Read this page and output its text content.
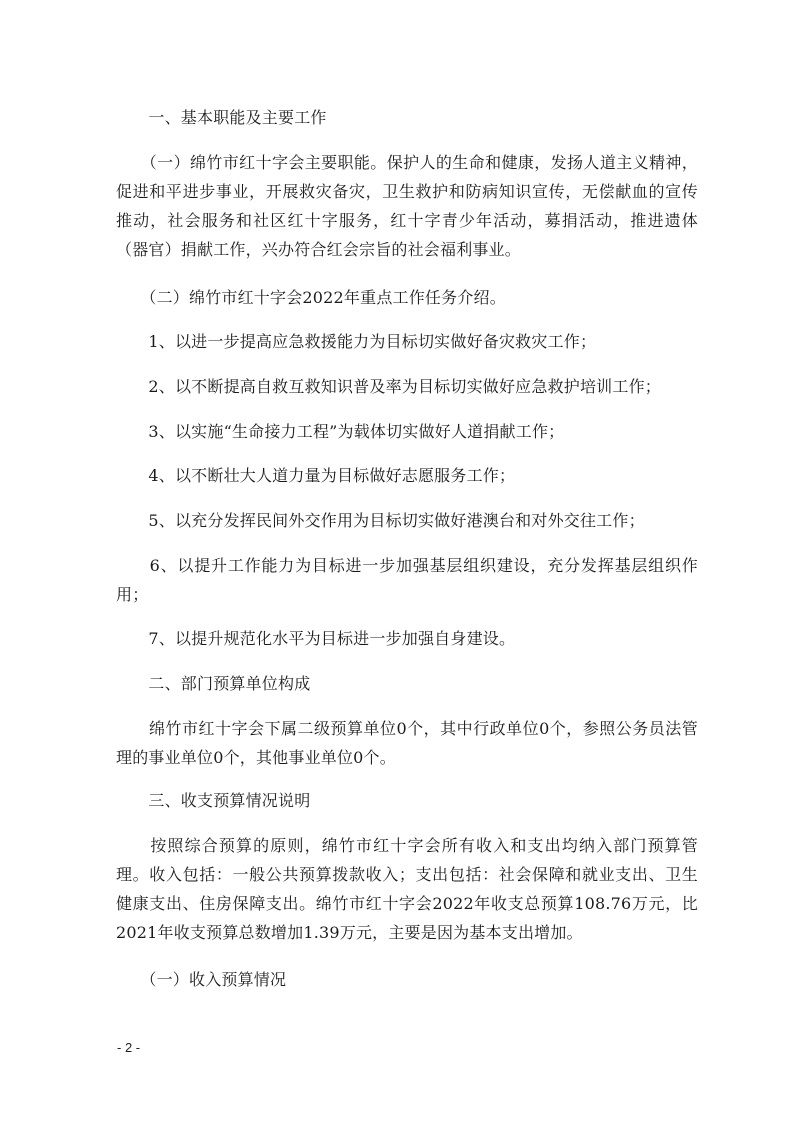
　　一、基本职能及主要工作

　　（一）绵竹市红十字会主要职能。保护人的生命和健康，发扬人道主义精神，促进和平进步事业，开展救灾备灾，卫生救护和防病知识宣传，无偿献血的宣传推动，社会服务和社区红十字服务，红十字青少年活动，募捐活动，推进遗体（器官）捐献工作，兴办符合红会宗旨的社会福利事业。

　　（二）绵竹市红十字会2022年重点工作任务介绍。

　　1、以进一步提高应急救援能力为目标切实做好备灾救灾工作；

　　2、以不断提高自救互救知识普及率为目标切实做好应急救护培训工作；

　　3、以实施“生命接力工程”为载体切实做好人道捐献工作；

　　4、以不断壮大人道力量为目标做好志愿服务工作；

　　5、以充分发挥民间外交作用为目标切实做好港澳台和对外交往工作；

　　6、以提升工作能力为目标进一步加强基层组织建设，充分发挥基层组织作用；

　　7、以提升规范化水平为目标进一步加强自身建设。

　　二、部门预算单位构成

　　绵竹市红十字会下属二级预算单位0个，其中行政单位0个，参照公务员法管理的事业单位0个，其他事业单位0个。

　　三、收支预算情况说明

　　按照综合预算的原则，绵竹市红十字会所有收入和支出均纳入部门预算管理。收入包括：一般公共预算拨款收入；支出包括：社会保障和就业支出、卫生健康支出、住房保障支出。绵竹市红十字会2022年收支总预算108.76万元，比2021年收支预算总数增加1.39万元，主要是因为基本支出增加。

　　（一）收入预算情况

- 2 -
